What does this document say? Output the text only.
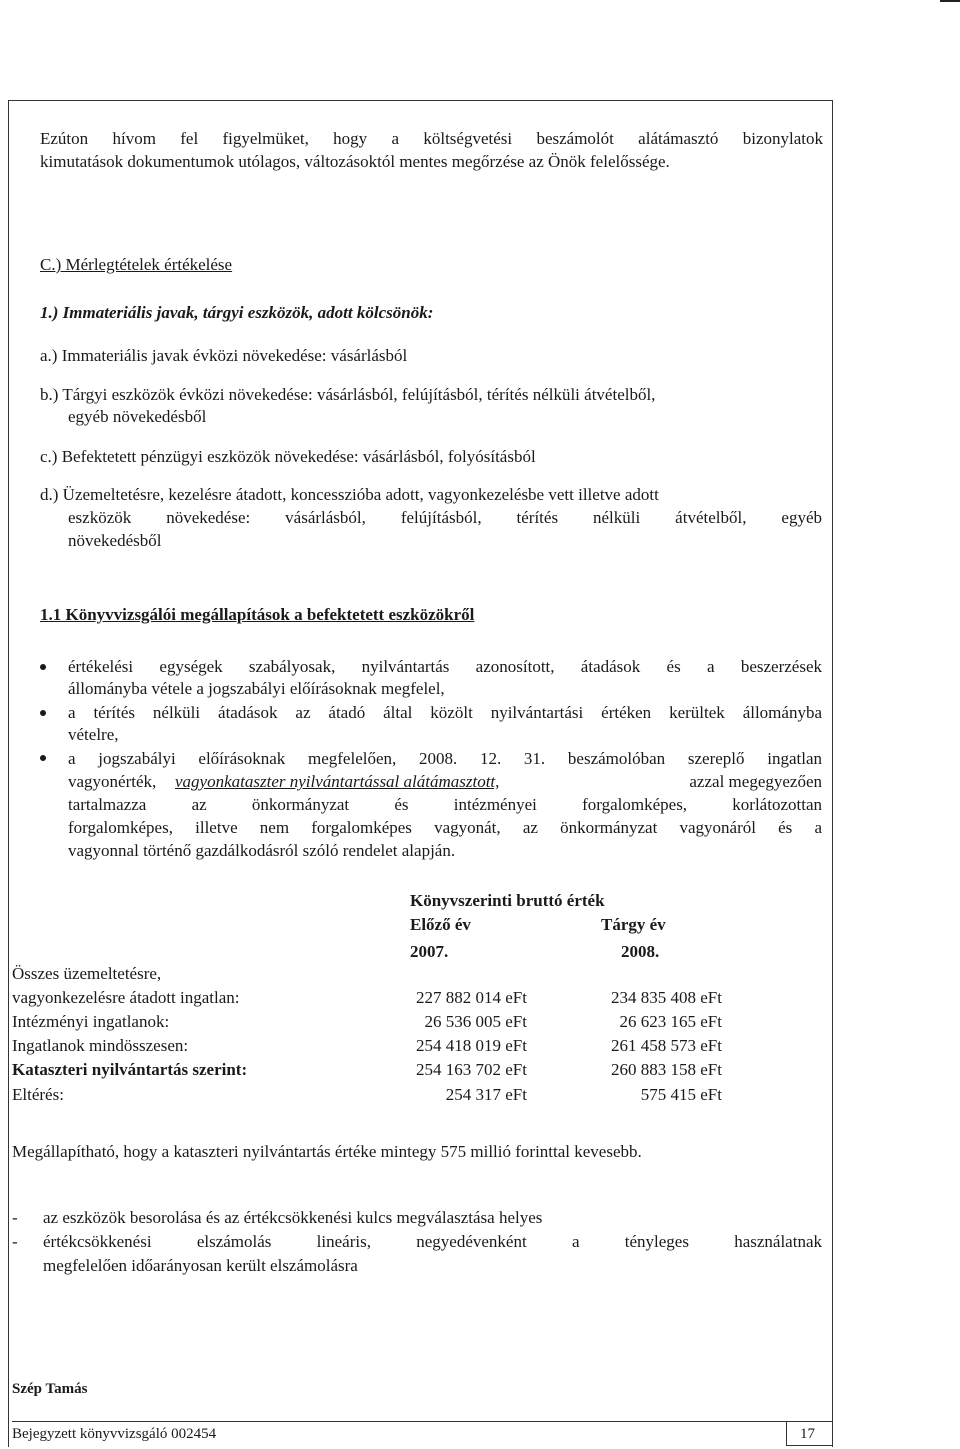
Ezúton hívom fel figyelmüket, hogy a költségvetési beszámolót alátámasztó bizonylatok
kimutatások dokumentumok utólagos, változásoktól mentes megőrzése az Önök felelőssége.
C.) Mérlegtételek értékelése
1.) Immateriális javak, tárgyi eszközök, adott kölcsönök:
a.) Immateriális javak évközi növekedése: vásárlásból
b.) Tárgyi eszközök évközi növekedése: vásárlásból, felújításból, térítés nélküli átvételből,
egyéb növekedésből
c.) Befektetett pénzügyi eszközök növekedése: vásárlásból, folyósításból
d.) Üzemeltetésre, kezelésre átadott, koncesszióba adott, vagyonkezelésbe vett illetve adott
eszközök növekedése: vásárlásból, felújításból, térítés nélküli átvételből, egyéb
növekedésből
1.1 Könyvvizsgálói megállapítások a befektetett eszközökről
értékelési egységek szabályosak, nyilvántartás azonosított, átadások és a beszerzések
állományba vétele a jogszabályi előírásoknak megfelel,
a térítés nélküli átadások az átadó által közölt nyilvántartási értéken kerültek állományba
vételre,
a jogszabályi előírásoknak megfelelően, 2008. 12. 31. beszámolóban szereplő ingatlan
vagyonérték, vagyonkataszter nyilvántartással alátámasztott,	azzal megegyezően
tartalmazza az önkormányzat és intézményei forgalomképes, korlátozottan
forgalomképes, illetve nem forgalomképes vagyonát, az önkormányzat vagyonáról és a
vagyonnal történő gazdálkodásról szóló rendelet alapján.
Könyvszerinti bruttó érték
Előző év	Tárgy év
2007.	2008.
Összes üzemeltetésre,
vagyonkezelésre átadott ingatlan:	227 882 014 eFt	234 835 408 eFt
Intézményi ingatlanok:	26 536 005 eFt	26 623 165 eFt
Ingatlanok mindösszesen:	254 418 019 eFt	261 458 573 eFt
Kataszteri nyilvántartás szerint:	254 163 702 eFt	260 883 158 eFt
Eltérés:	254 317 eFt	575 415 eFt
Megállapítható, hogy a kataszteri nyilvántartás értéke mintegy 575 millió forinttal kevesebb.
- az eszközök besorolása és az értékcsökkenési kulcs megválasztása helyes
- értékcsökkenési elszámolás lineáris, negyedévenként a tényleges használatnak
megfelelően időarányosan került elszámolásra
Szép Tamás
Bejegyzett könyvvizsgáló 002454	17
